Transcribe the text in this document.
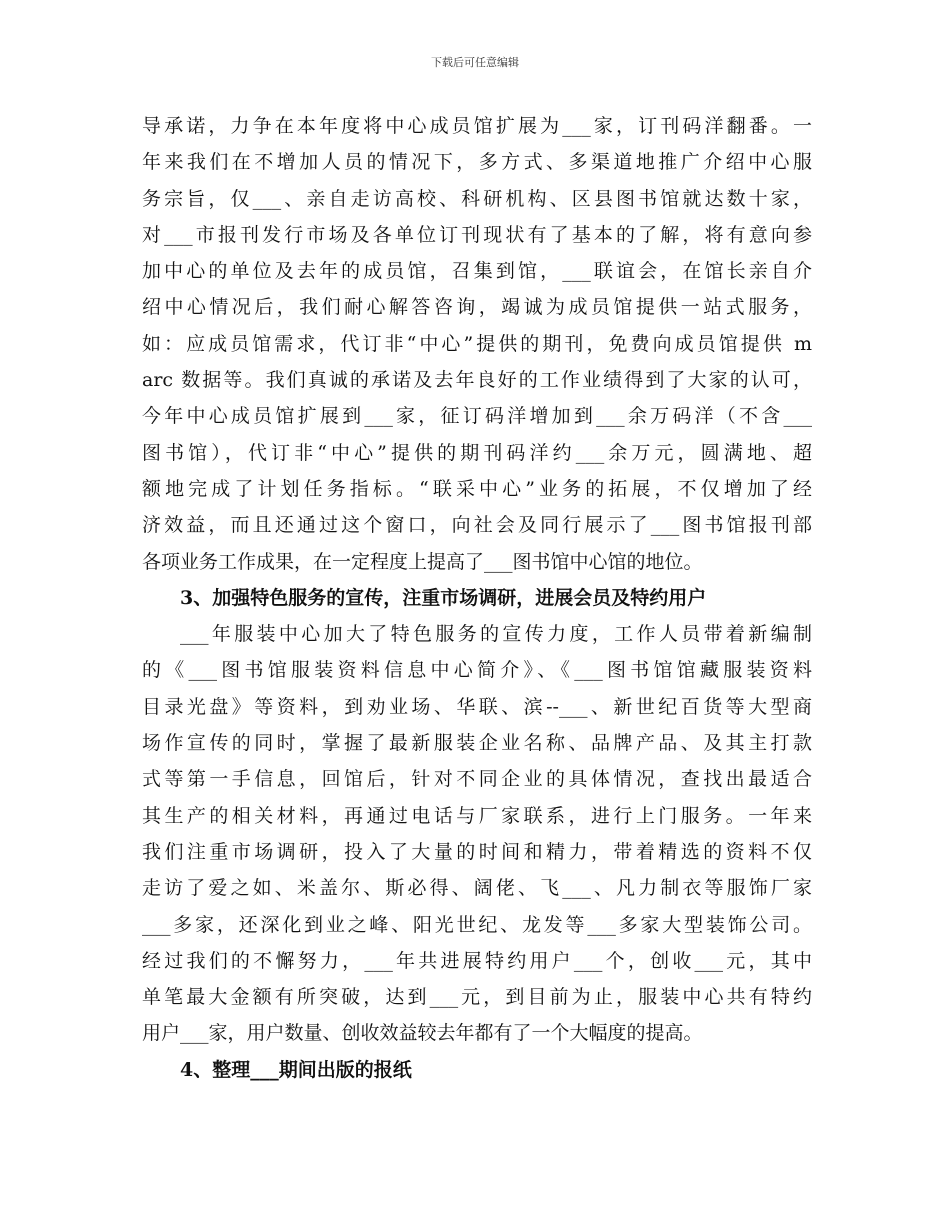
下载后可任意编辑
导承诺，力争在本年度将中心成员馆扩展为___家，订刊码洋翻番。一
年来我们在不增加人员的情况下，多方式、多渠道地推广介绍中心服
务宗旨，仅___、亲自走访高校、科研机构、区县图书馆就达数十家，
对___市报刊发行市场及各单位订刊现状有了基本的了解，将有意向参
加中心的单位及去年的成员馆，召集到馆，___联谊会，在馆长亲自介
绍中心情况后，我们耐心解答咨询，竭诚为成员馆提供一站式服务，
如：应成员馆需求，代订非“中心”提供的期刊，免费向成员馆提供 m
arc 数据等。我们真诚的承诺及去年良好的工作业绩得到了大家的认可，
今年中心成员馆扩展到___家，征订码洋增加到___余万码洋（不含___
图书馆），代订非“中心”提供的期刊码洋约___余万元，圆满地、超
额地完成了计划任务指标。“联采中心”业务的拓展，不仅增加了经
济效益，而且还通过这个窗口，向社会及同行展示了___图书馆报刊部
各项业务工作成果，在一定程度上提高了___图书馆中心馆的地位。
3、加强特色服务的宣传，注重市场调研，进展会员及特约用户
___年服装中心加大了特色服务的宣传力度，工作人员带着新编制
的《___图书馆服装资料信息中心简介》、《___图书馆馆藏服装资料
目录光盘》等资料，到劝业场、华联、滨--___、新世纪百货等大型商
场作宣传的同时，掌握了最新服装企业名称、品牌产品、及其主打款
式等第一手信息，回馆后，针对不同企业的具体情况，查找出最适合
其生产的相关材料，再通过电话与厂家联系，进行上门服务。一年来
我们注重市场调研，投入了大量的时间和精力，带着精选的资料不仅
走访了爱之如、米盖尔、斯必得、阔佬、飞___、凡力制衣等服饰厂家
___多家，还深化到业之峰、阳光世纪、龙发等___多家大型装饰公司。
经过我们的不懈努力，___年共进展特约用户___个，创收___元，其中
单笔最大金额有所突破，达到___元，到目前为止，服装中心共有特约
用户___家，用户数量、创收效益较去年都有了一个大幅度的提高。
4、整理___期间出版的报纸
